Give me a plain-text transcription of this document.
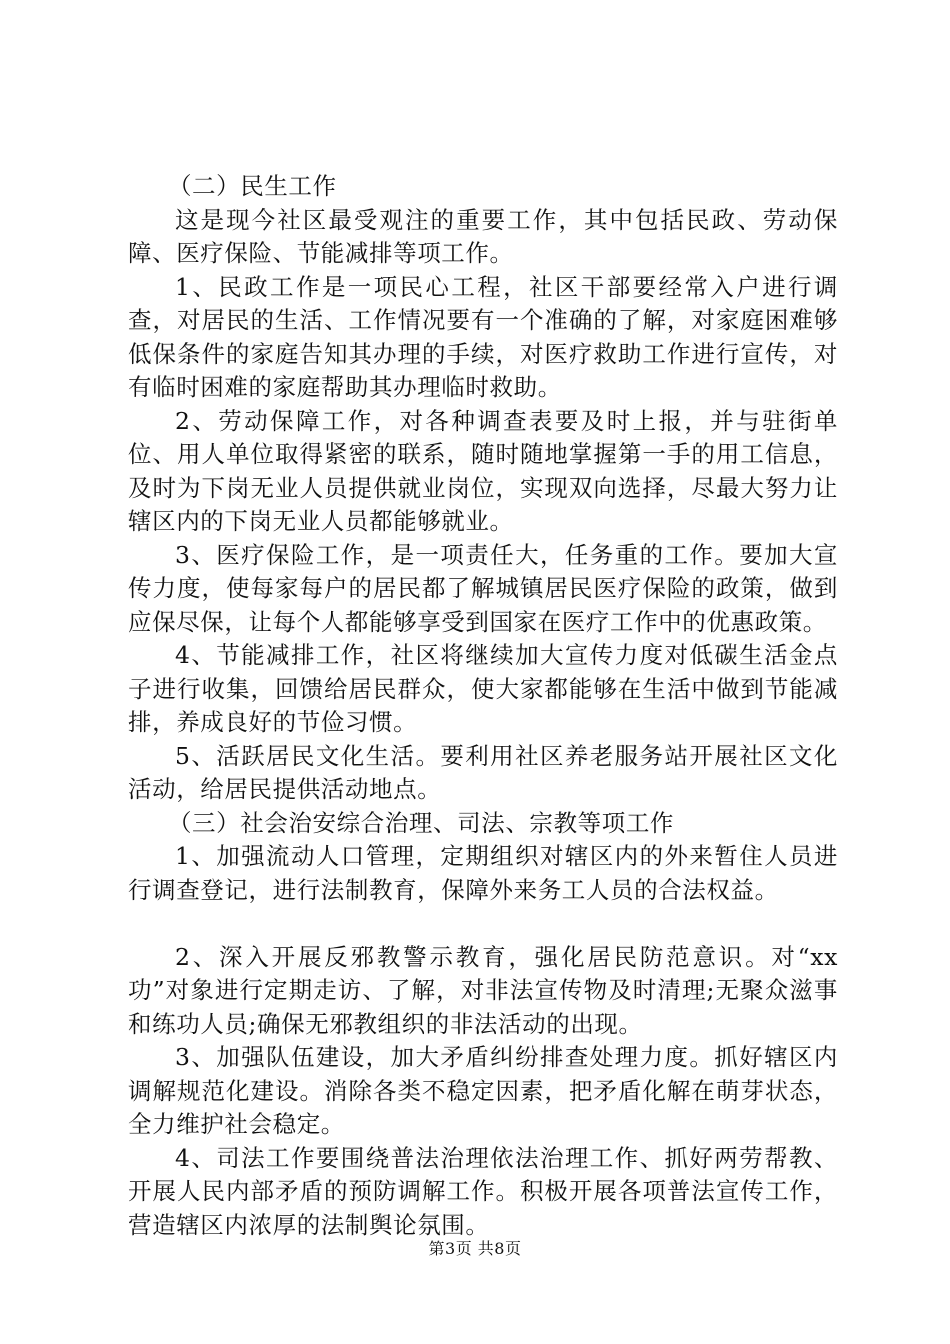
（二）民生工作

这是现今社区最受观注的重要工作，其中包括民政、劳动保障、医疗保险、节能减排等项工作。

1、民政工作是一项民心工程，社区干部要经常入户进行调查，对居民的生活、工作情况要有一个准确的了解，对家庭困难够低保条件的家庭告知其办理的手续，对医疗救助工作进行宣传，对有临时困难的家庭帮助其办理临时救助。

2、劳动保障工作，对各种调查表要及时上报，并与驻街单位、用人单位取得紧密的联系，随时随地掌握第一手的用工信息，及时为下岗无业人员提供就业岗位，实现双向选择，尽最大努力让辖区内的下岗无业人员都能够就业。

3、医疗保险工作，是一项责任大，任务重的工作。要加大宣传力度，使每家每户的居民都了解城镇居民医疗保险的政策，做到应保尽保，让每个人都能够享受到国家在医疗工作中的优惠政策。

4、节能减排工作，社区将继续加大宣传力度对低碳生活金点子进行收集，回馈给居民群众，使大家都能够在生活中做到节能减排，养成良好的节俭习惯。

5、活跃居民文化生活。要利用社区养老服务站开展社区文化活动，给居民提供活动地点。

（三）社会治安综合治理、司法、宗教等项工作

1、加强流动人口管理，定期组织对辖区内的外来暂住人员进行调查登记，进行法制教育，保障外来务工人员的合法权益。

2、深入开展反邪教警示教育，强化居民防范意识。对“xx功”对象进行定期走访、了解，对非法宣传物及时清理;无聚众滋事和练功人员;确保无邪教组织的非法活动的出现。

3、加强队伍建设，加大矛盾纠纷排查处理力度。抓好辖区内调解规范化建设。消除各类不稳定因素，把矛盾化解在萌芽状态，全力维护社会稳定。

4、司法工作要围绕普法治理依法治理工作、抓好两劳帮教、开展人民内部矛盾的预防调解工作。积极开展各项普法宣传工作，营造辖区内浓厚的法制舆论氛围。

第3页 共8页
